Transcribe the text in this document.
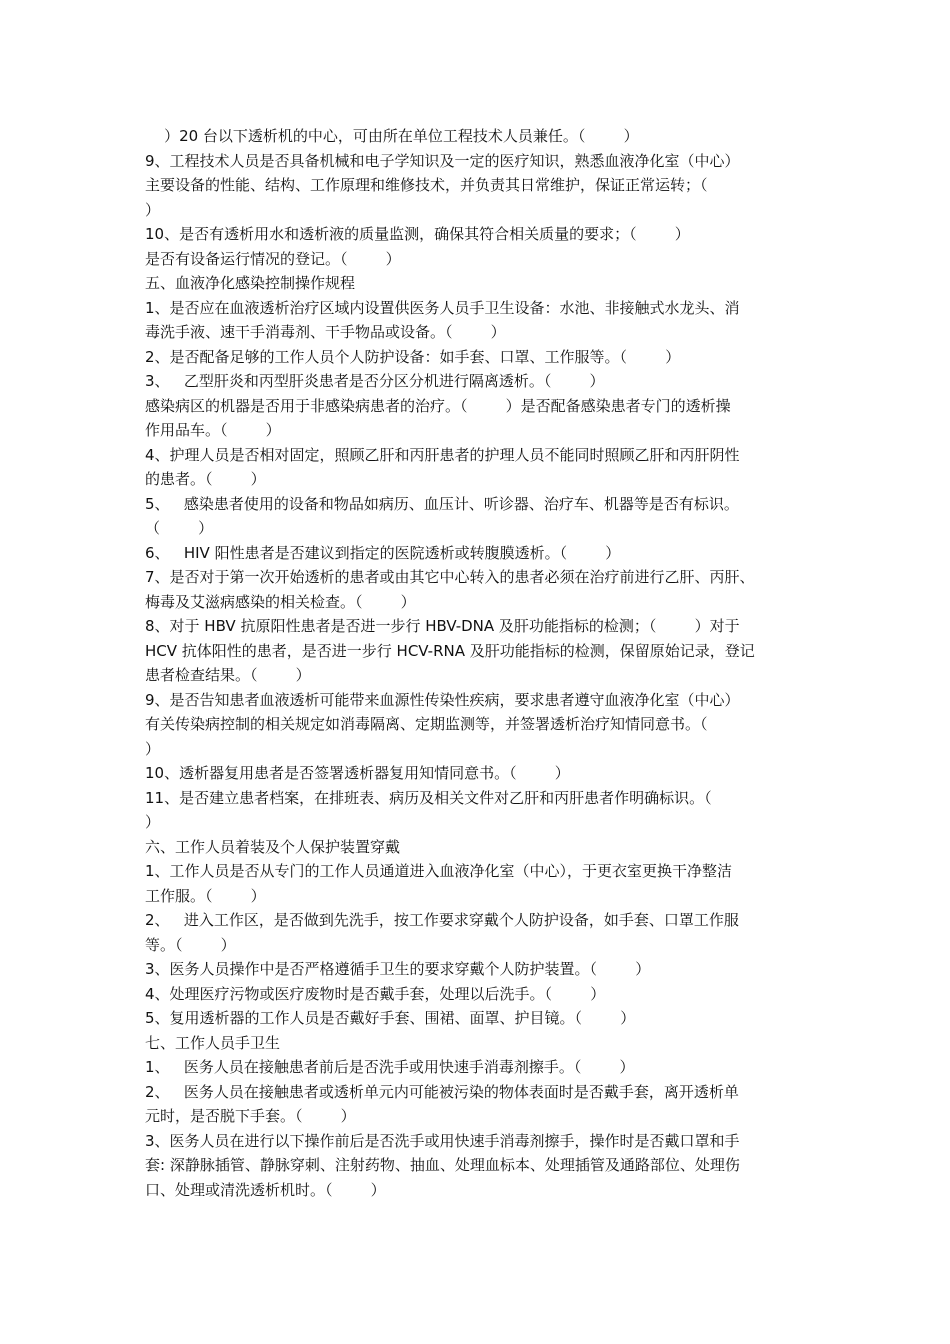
）20 台以下透析机的中心，可由所在单位工程技术人员兼任。（        ）

9、工程技术人员是否具备机械和电子学知识及一定的医疗知识，熟悉血液净化室（中心）

主要设备的性能、结构、工作原理和维修技术，并负责其日常维护，保证正常运转；（

）

10、是否有透析用水和透析液的质量监测，确保其符合相关质量的要求；（        ）

是否有设备运行情况的登记。（        ）

五、血液净化感染控制操作规程

1、是否应在血液透析治疗区域内设置供医务人员手卫生设备：水池、非接触式水龙头、消

毒洗手液、速干手消毒剂、干手物品或设备。（        ）

2、是否配备足够的工作人员个人防护设备：如手套、口罩、工作服等。（        ）

3、   乙型肝炎和丙型肝炎患者是否分区分机进行隔离透析。（        ）

感染病区的机器是否用于非感染病患者的治疗。（        ）是否配备感染患者专门的透析操

作用品车。（        ）

4、护理人员是否相对固定，照顾乙肝和丙肝患者的护理人员不能同时照顾乙肝和丙肝阴性

的患者。（        ）

5、   感染患者使用的设备和物品如病历、血压计、听诊器、治疗车、机器等是否有标识。

（        ）

6、   HIV 阳性患者是否建议到指定的医院透析或转腹膜透析。（        ）

7、是否对于第一次开始透析的患者或由其它中心转入的患者必须在治疗前进行乙肝、丙肝、

梅毒及艾滋病感染的相关检查。（        ）

8、对于 HBV 抗原阳性患者是否进一步行 HBV-DNA 及肝功能指标的检测；（        ）对于

HCV 抗体阳性的患者，是否进一步行 HCV-RNA 及肝功能指标的检测，保留原始记录，登记

患者检查结果。（        ）

9、是否告知患者血液透析可能带来血源性传染性疾病，要求患者遵守血液净化室（中心）

有关传染病控制的相关规定如消毒隔离、定期监测等，并签署透析治疗知情同意书。（

）

10、透析器复用患者是否签署透析器复用知情同意书。（        ）

11、是否建立患者档案，在排班表、病历及相关文件对乙肝和丙肝患者作明确标识。（

）

六、工作人员着装及个人保护装置穿戴

1、工作人员是否从专门的工作人员通道进入血液净化室（中心），于更衣室更换干净整洁

工作服。（        ）

2、   进入工作区，是否做到先洗手，按工作要求穿戴个人防护设备，如手套、口罩工作服

等。（        ）

3、医务人员操作中是否严格遵循手卫生的要求穿戴个人防护装置。（        ）

4、处理医疗污物或医疗废物时是否戴手套，处理以后洗手。（        ）

5、复用透析器的工作人员是否戴好手套、围裙、面罩、护目镜。（        ）

七、工作人员手卫生

1、   医务人员在接触患者前后是否洗手或用快速手消毒剂擦手。（        ）

2、   医务人员在接触患者或透析单元内可能被污染的物体表面时是否戴手套，离开透析单

元时，是否脱下手套。（        ）

3、医务人员在进行以下操作前后是否洗手或用快速手消毒剂擦手，操作时是否戴口罩和手

套: 深静脉插管、静脉穿刺、注射药物、抽血、处理血标本、处理插管及通路部位、处理伤

口、处理或清洗透析机时。（        ）
